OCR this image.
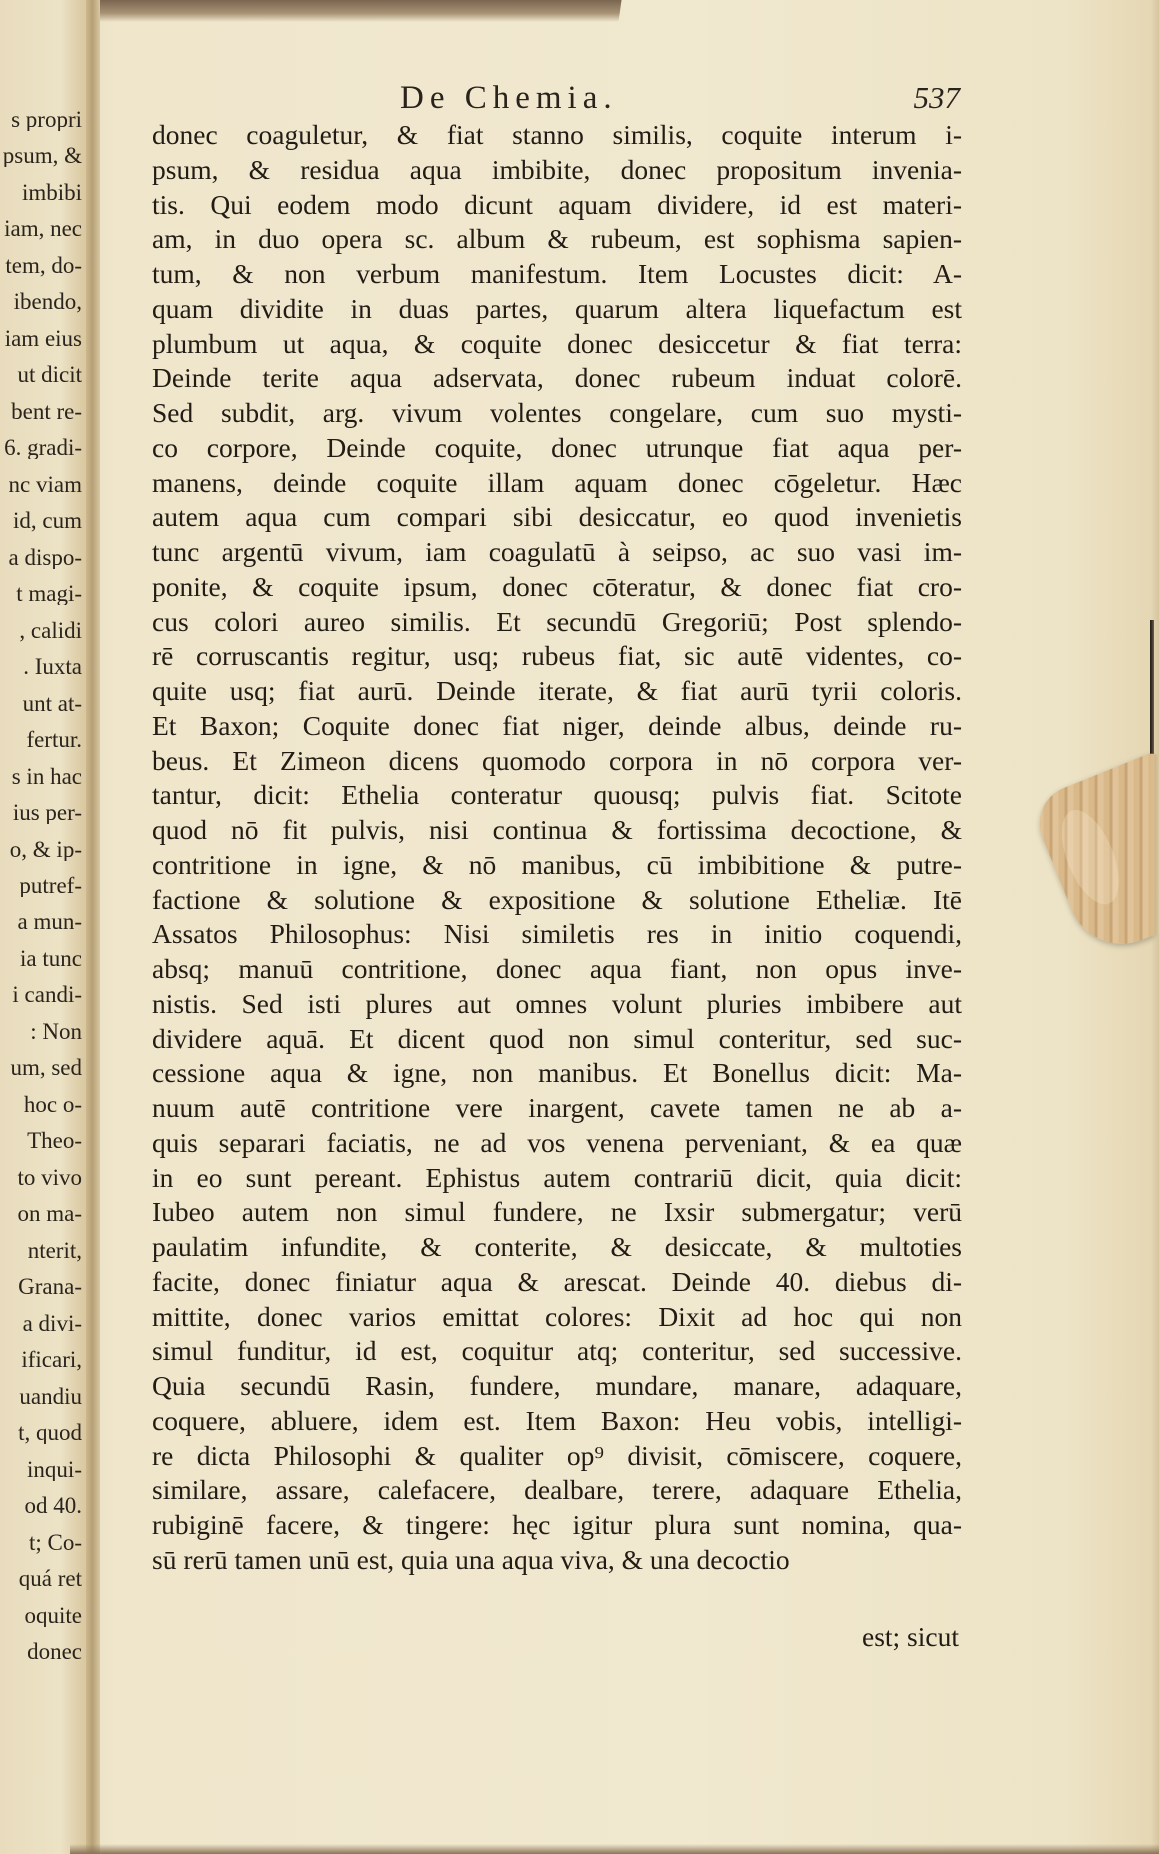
s propri
psum, &
imbibi
iam, nec
tem, do-
ibendo,
iam eius
ut dicit
bent re-
6. gradi-
nc viam
id, cum
a dispo-
t magi-
, calidi
. Iuxta
unt at-
fertur.
s in hac
ius per-
o, & ip-
putref-
a mun-
ia tunc
i candi-
: Non
um, sed
hoc o-
Theo-
to vivo
on ma-
nterit,
Grana-
a divi-
ificari,
uandiu
t, quod
inqui-
od 40.
t; Co-
quá ret
oquite
donec
De Chemia.	537
donec coaguletur, & fiat stanno similis, coquite interum i-
psum, & residua aqua imbibite, donec propositum invenia-
tis. Qui eodem modo dicunt aquam dividere, id est materi-
am, in duo opera sc. album & rubeum, est sophisma sapien-
tum, & non verbum manifestum. Item Locustes dicit: A-
quam dividite in duas partes, quarum altera liquefactum est
plumbum ut aqua, & coquite donec desiccetur & fiat terra:
Deinde terite aqua adservata, donec rubeum induat colorē.
Sed subdit, arg. vivum volentes congelare, cum suo mysti-
co corpore, Deinde coquite, donec utrunque fiat aqua per-
manens, deinde coquite illam aquam donec cōgeletur. Hæc
autem aqua cum compari sibi desiccatur, eo quod invenietis
tunc argentū vivum, iam coagulatū à seipso, ac suo vasi im-
ponite, & coquite ipsum, donec cōteratur, & donec fiat cro-
cus colori aureo similis. Et secundū Gregoriū; Post splendo-
rē corruscantis regitur, usq; rubeus fiat, sic autē videntes, co-
quite usq; fiat aurū. Deinde iterate, & fiat aurū tyrii coloris.
Et Baxon; Coquite donec fiat niger, deinde albus, deinde ru-
beus. Et Zimeon dicens quomodo corpora in nō corpora ver-
tantur, dicit: Ethelia conteratur quousq; pulvis fiat. Scitote
quod nō fit pulvis, nisi continua & fortissima decoctione, &
contritione in igne, & nō manibus, cū imbibitione & putre-
factione & solutione & expositione & solutione Etheliæ. Itē
Assatos Philosophus: Nisi similetis res in initio coquendi,
absq; manuū contritione, donec aqua fiant, non opus inve-
nistis. Sed isti plures aut omnes volunt pluries imbibere aut
dividere aquā. Et dicent quod non simul conteritur, sed suc-
cessione aqua & igne, non manibus. Et Bonellus dicit: Ma-
nuum autē contritione vere inargent, cavete tamen ne ab a-
quis separari faciatis, ne ad vos venena perveniant, & ea quæ
in eo sunt pereant. Ephistus autem contrariū dicit, quia dicit:
Iubeo autem non simul fundere, ne Ixsir submergatur; verū
paulatim infundite, & conterite, & desiccate, & multoties
facite, donec finiatur aqua & arescat. Deinde 40. diebus di-
mittite, donec varios emittat colores: Dixit ad hoc qui non
simul funditur, id est, coquitur atq; conteritur, sed successive.
Quia secundū Rasin, fundere, mundare, manare, adaquare,
coquere, abluere, idem est. Item Baxon: Heu vobis, intelligi-
re dicta Philosophi & qualiter op⁹ divisit, cōmiscere, coquere,
similare, assare, calefacere, dealbare, terere, adaquare Ethelia,
rubiginē facere, & tingere: hęc igitur plura sunt nomina, qua-
sū rerū tamen unū est, quia una aqua viva, & una decoctio
est; sicut
